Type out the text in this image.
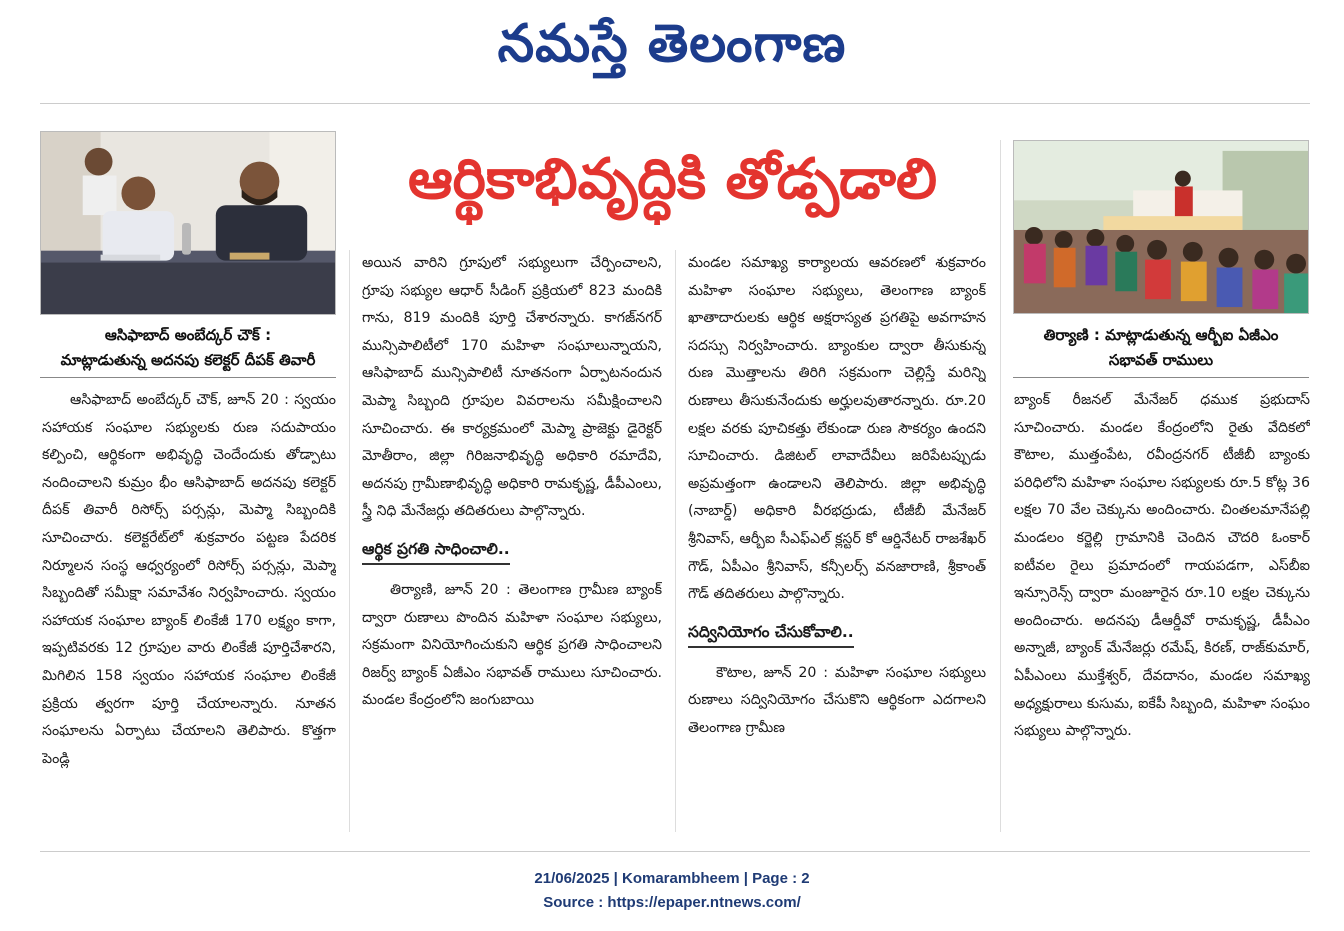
నమస్తే తెలంగాణ
ఆర్థికాభివృద్ధికి తోడ్పడాలి
ఆసిఫాబాద్ అంబేద్కర్ చౌక్ :
మాట్లాడుతున్న అదనపు కలెక్టర్ దీపక్ తివారీ
తిర్యాణి : మాట్లాడుతున్న ఆర్బీఐ ఏజీఎం
సభావత్ రాములు

ఆసిఫాబాద్ అంబేద్కర్ చౌక్, జూన్ 20 : స్వయం సహాయక సంఘాల సభ్యులకు రుణ సదుపాయం కల్పించి, ఆర్థికంగా అభివృద్ధి చెందేందుకు తోడ్పాటు నందించాలని కుమ్రం భీం ఆసిఫాబాద్ అదనపు కలెక్టర్ దీపక్ తివారీ రిసోర్స్ పర్సన్లు, మెప్మా సిబ్బందికి సూచించారు. కలెక్టరేట్‌లో శుక్రవారం పట్టణ పేదరిక నిర్మూలన సంస్థ ఆధ్వర్యంలో రిసోర్స్ పర్సన్లు, మెప్మా సిబ్బందితో సమీక్షా సమావేశం నిర్వహించారు. స్వయం సహాయక సంఘాల బ్యాంక్ లింకేజీ 170 లక్ష్యం కాగా, ఇప్పటివరకు 12 గ్రూపుల వారు లింకేజీ పూర్తిచేశారని, మిగిలిన 158 స్వయం సహాయక సంఘాల లింకేజీ ప్రక్రియ త్వరగా పూర్తి చేయాలన్నారు. నూతన సంఘాలను ఏర్పాటు చేయాలని తెలిపారు. కొత్తగా పెండ్లి

అయిన వారిని గ్రూపులో సభ్యులుగా చేర్పించాలని, గ్రూపు సభ్యుల ఆధార్ సీడింగ్ ప్రక్రియలో 823 మందికి గాను, 819 మందికి పూర్తి చేశారన్నారు. కాగజ్‌నగర్ మున్సిపాలిటీలో 170 మహిళా సంఘాలున్నాయని, ఆసిఫాబాద్ మున్సిపాలిటీ నూతనంగా ఏర్పాటనందున మెప్మా సిబ్బంది గ్రూపుల వివరాలను సమీక్షించాలని సూచించారు. ఈ కార్యక్రమంలో మెప్మా ప్రాజెక్టు డైరెక్టర్ మోతీరాం, జిల్లా గిరిజనాభివృద్ధి అధికారి రమాదేవి, అదనపు గ్రామీణాభివృద్ధి అధికారి రామకృష్ణ, డీపీఎంలు, స్త్రీ నిధి మేనేజర్లు తదితరులు పాల్గొన్నారు.

ఆర్థిక ప్రగతి సాధించాలి..

తిర్యాణి, జూన్ 20 : తెలంగాణ గ్రామీణ బ్యాంక్ ద్వారా రుణాలు పొందిన మహిళా సంఘాల సభ్యులు, సక్రమంగా వినియోగించుకుని ఆర్థిక ప్రగతి సాధించాలని రిజర్వ్ బ్యాంక్ ఏజీఎం సభావత్ రాములు సూచించారు. మండల కేంద్రంలోని జంగుబాయి

మండల సమాఖ్య కార్యాలయ ఆవరణలో శుక్రవారం మహిళా సంఘాల సభ్యులు, తెలంగాణ బ్యాంక్ ఖాతాదారులకు ఆర్థిక అక్షరాస్యత ప్రగతిపై అవగాహన సదస్సు నిర్వహించారు. బ్యాంకుల ద్వారా తీసుకున్న రుణ మొత్తాలను తిరిగి సక్రమంగా చెల్లిస్తే మరిన్ని రుణాలు తీసుకునేందుకు అర్హులవుతారన్నారు. రూ.20 లక్షల వరకు పూచికత్తు లేకుండా రుణ సౌకర్యం ఉందని సూచించారు. డిజిటల్ లావాదేవీలు జరిపేటప్పుడు అప్రమత్తంగా ఉండాలని తెలిపారు. జిల్లా అభివృద్ధి (నాబార్డ్) అధికారి వీరభద్రుడు, టీజీబీ మేనేజర్ శ్రీనివాస్, ఆర్బీఐ సీఎఫ్ఎల్ క్లస్టర్ కో ఆర్డినేటర్ రాజశేఖర్ గౌడ్, ఏపీఎం శ్రీనివాస్, కన్సీలర్స్ వనజారాణి, శ్రీకాంత్ గౌడ్ తదితరులు పాల్గొన్నారు.

సద్వినియోగం చేసుకోవాలి..

కౌటాల, జూన్ 20 : మహిళా సంఘాల సభ్యులు రుణాలు సద్వినియోగం చేసుకొని ఆర్థికంగా ఎదగాలని తెలంగాణ గ్రామీణ

బ్యాంక్ రీజనల్ మేనేజర్ ధముక ప్రభుదాస్ సూచించారు. మండల కేంద్రంలోని రైతు వేదికలో కౌటాల, ముత్తంపేట, రవీంద్రనగర్ టీజీబీ బ్యాంకు పరిధిలోని మహిళా సంఘాల సభ్యులకు రూ.5 కోట్ల 36 లక్షల 70 వేల చెక్కును అందించారు. చింతలమానేపల్లి మండలం కర్జెల్లి గ్రామానికి చెందిన చౌదరి ఓంకార్ ఐటీవల రైలు ప్రమాదంలో గాయపడగా, ఎస్‌బీఐ ఇన్సూరెన్స్ ద్వారా మంజూరైన రూ.10 లక్షల చెక్కును అందించారు. అదనపు డీఆర్డీవో రామకృష్ణ, డీపీఎం అన్నాజీ, బ్యాంక్ మేనేజర్లు రమేష్, కిరణ్, రాజ్‌కుమార్, ఏపీఎంలు ముక్తేశ్వర్, దేవదానం, మండల సమాఖ్య అధ్యక్షురాలు కుసుమ, ఐకేపీ సిబ్బంది, మహిళా సంఘం సభ్యులు పాల్గొన్నారు.

21/06/2025 | Komarambheem | Page : 2
Source : https://epaper.ntnews.com/
